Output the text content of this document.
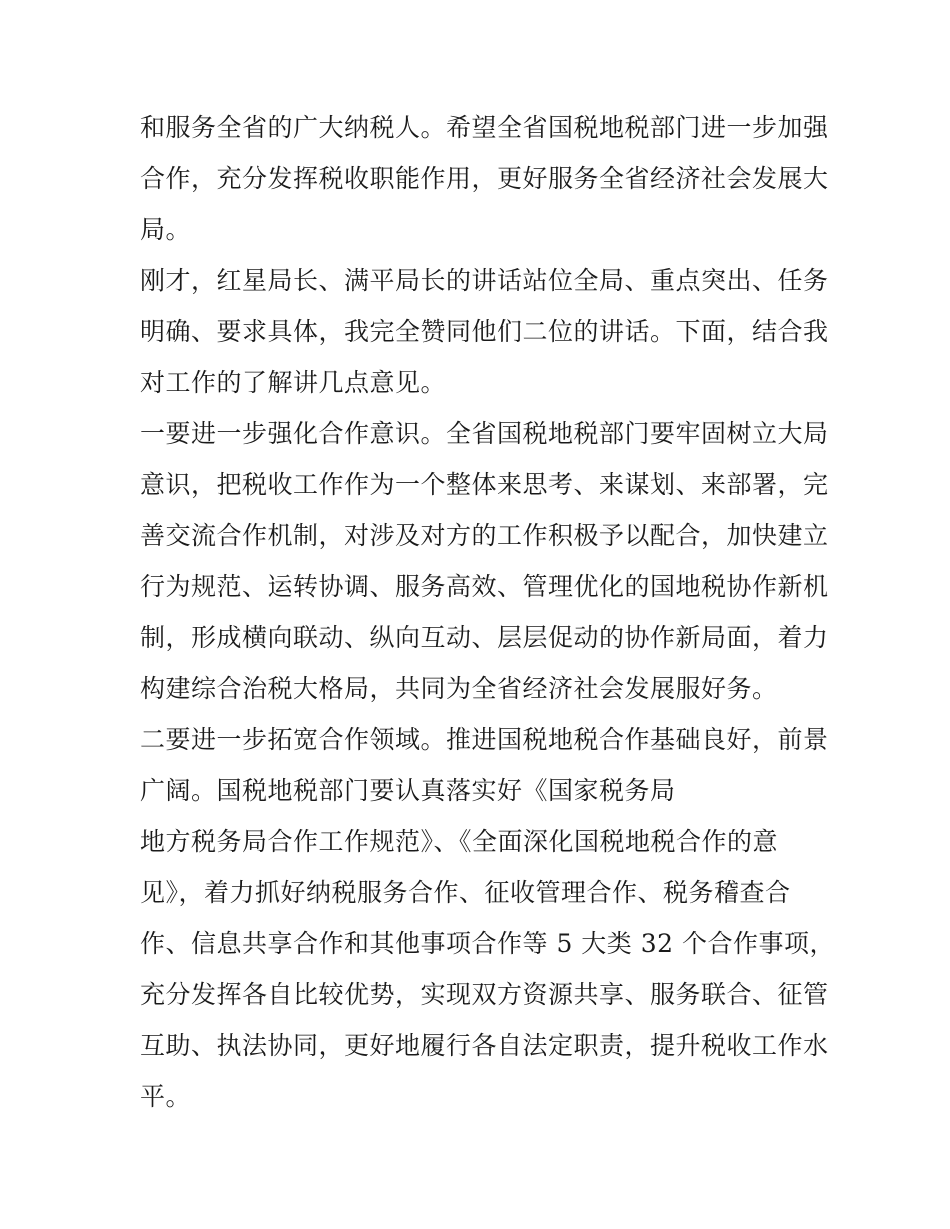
和服务全省的广大纳税人。希望全省国税地税部门进一步加强
合作，充分发挥税收职能作用，更好服务全省经济社会发展大
局。
刚才，红星局长、满平局长的讲话站位全局、重点突出、任务
明确、要求具体，我完全赞同他们二位的讲话。下面，结合我
对工作的了解讲几点意见。
一要进一步强化合作意识。全省国税地税部门要牢固树立大局
意识，把税收工作作为一个整体来思考、来谋划、来部署，完
善交流合作机制，对涉及对方的工作积极予以配合，加快建立
行为规范、运转协调、服务高效、管理优化的国地税协作新机
制，形成横向联动、纵向互动、层层促动的协作新局面，着力
构建综合治税大格局，共同为全省经济社会发展服好务。
二要进一步拓宽合作领域。推进国税地税合作基础良好，前景
广阔。国税地税部门要认真落实好《国家税务局
地方税务局合作工作规范》、《全面深化国税地税合作的意
见》，着力抓好纳税服务合作、征收管理合作、税务稽查合
作、信息共享合作和其他事项合作等 5 大类 32 个合作事项，
充分发挥各自比较优势，实现双方资源共享、服务联合、征管
互助、执法协同，更好地履行各自法定职责，提升税收工作水
平。
